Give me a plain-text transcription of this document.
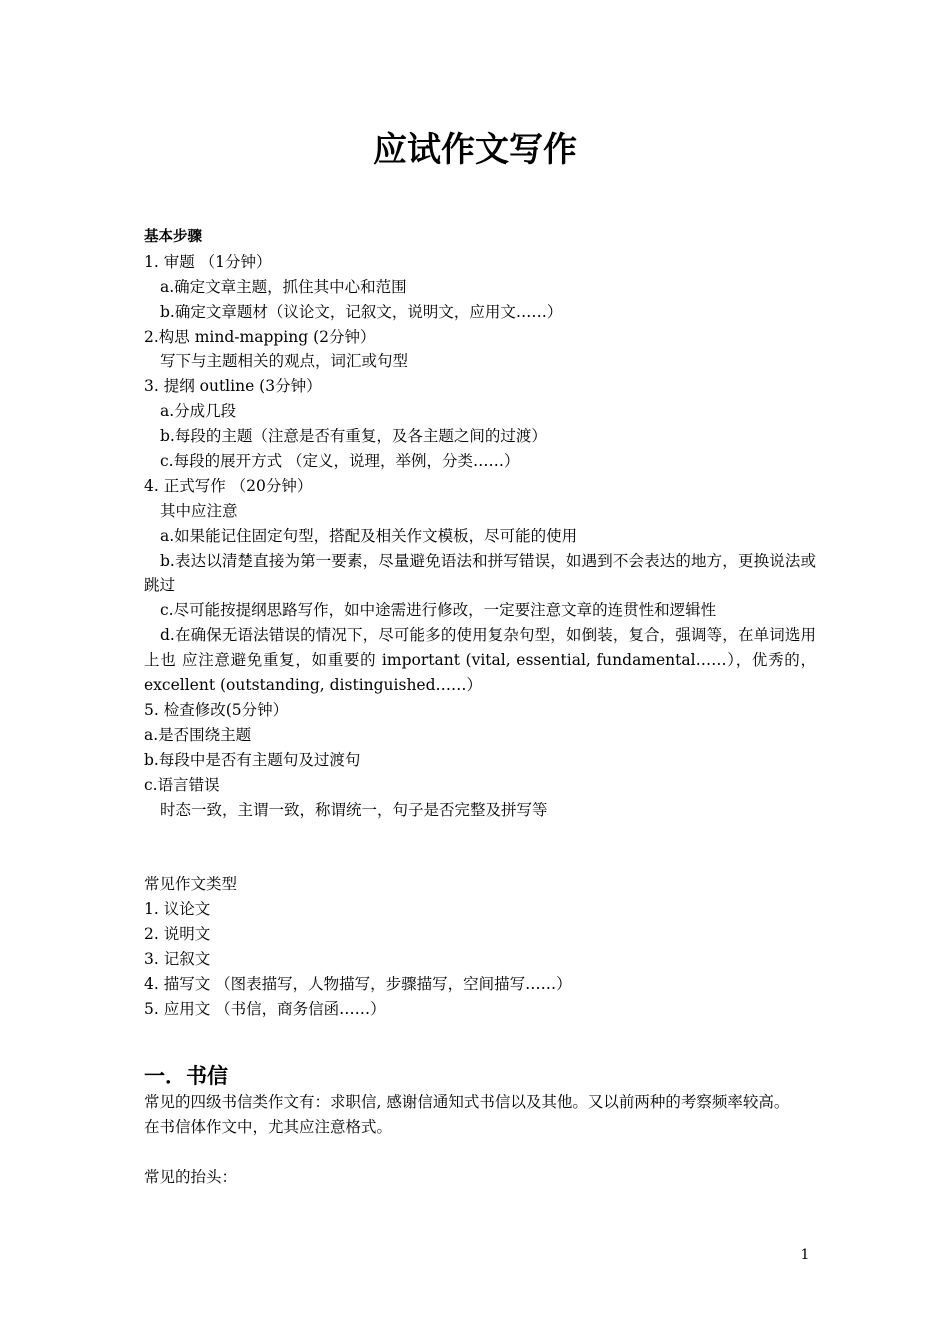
应试作文写作
基本步骤
1. 审题 （1分钟）
a.确定文章主题，抓住其中心和范围
b.确定文章题材（议论文，记叙文，说明文，应用文……）
2.构思 mind-mapping (2分钟）
写下与主题相关的观点，词汇或句型
3. 提纲 outline (3分钟）
a.分成几段
b.每段的主题（注意是否有重复，及各主题之间的过渡）
c.每段的展开方式 （定义，说理，举例，分类……）
4. 正式写作 （20分钟）
其中应注意
a.如果能记住固定句型，搭配及相关作文模板，尽可能的使用
b.表达以清楚直接为第一要素，尽量避免语法和拼写错误，如遇到不会表达的地方，更换说法或跳过
c.尽可能按提纲思路写作，如中途需进行修改，一定要注意文章的连贯性和逻辑性
d.在确保无语法错误的情况下，尽可能多的使用复杂句型，如倒装，复合，强调等，在单词选用上也 应注意避免重复，如重要的 important (vital, essential, fundamental……），优秀的，excellent (outstanding, distinguished……）
5. 检查修改(5分钟）
a.是否围绕主题
b.每段中是否有主题句及过渡句
c.语言错误
时态一致，主谓一致，称谓统一，句子是否完整及拼写等
常见作文类型
1. 议论文
2. 说明文
3. 记叙文
4. 描写文 （图表描写，人物描写，步骤描写，空间描写……）
5. 应用文 （书信，商务信函……）
一．书信
常见的四级书信类作文有：求职信, 感谢信通知式书信以及其他。又以前两种的考察频率较高。
在书信体作文中，尤其应注意格式。
常见的抬头：
1
